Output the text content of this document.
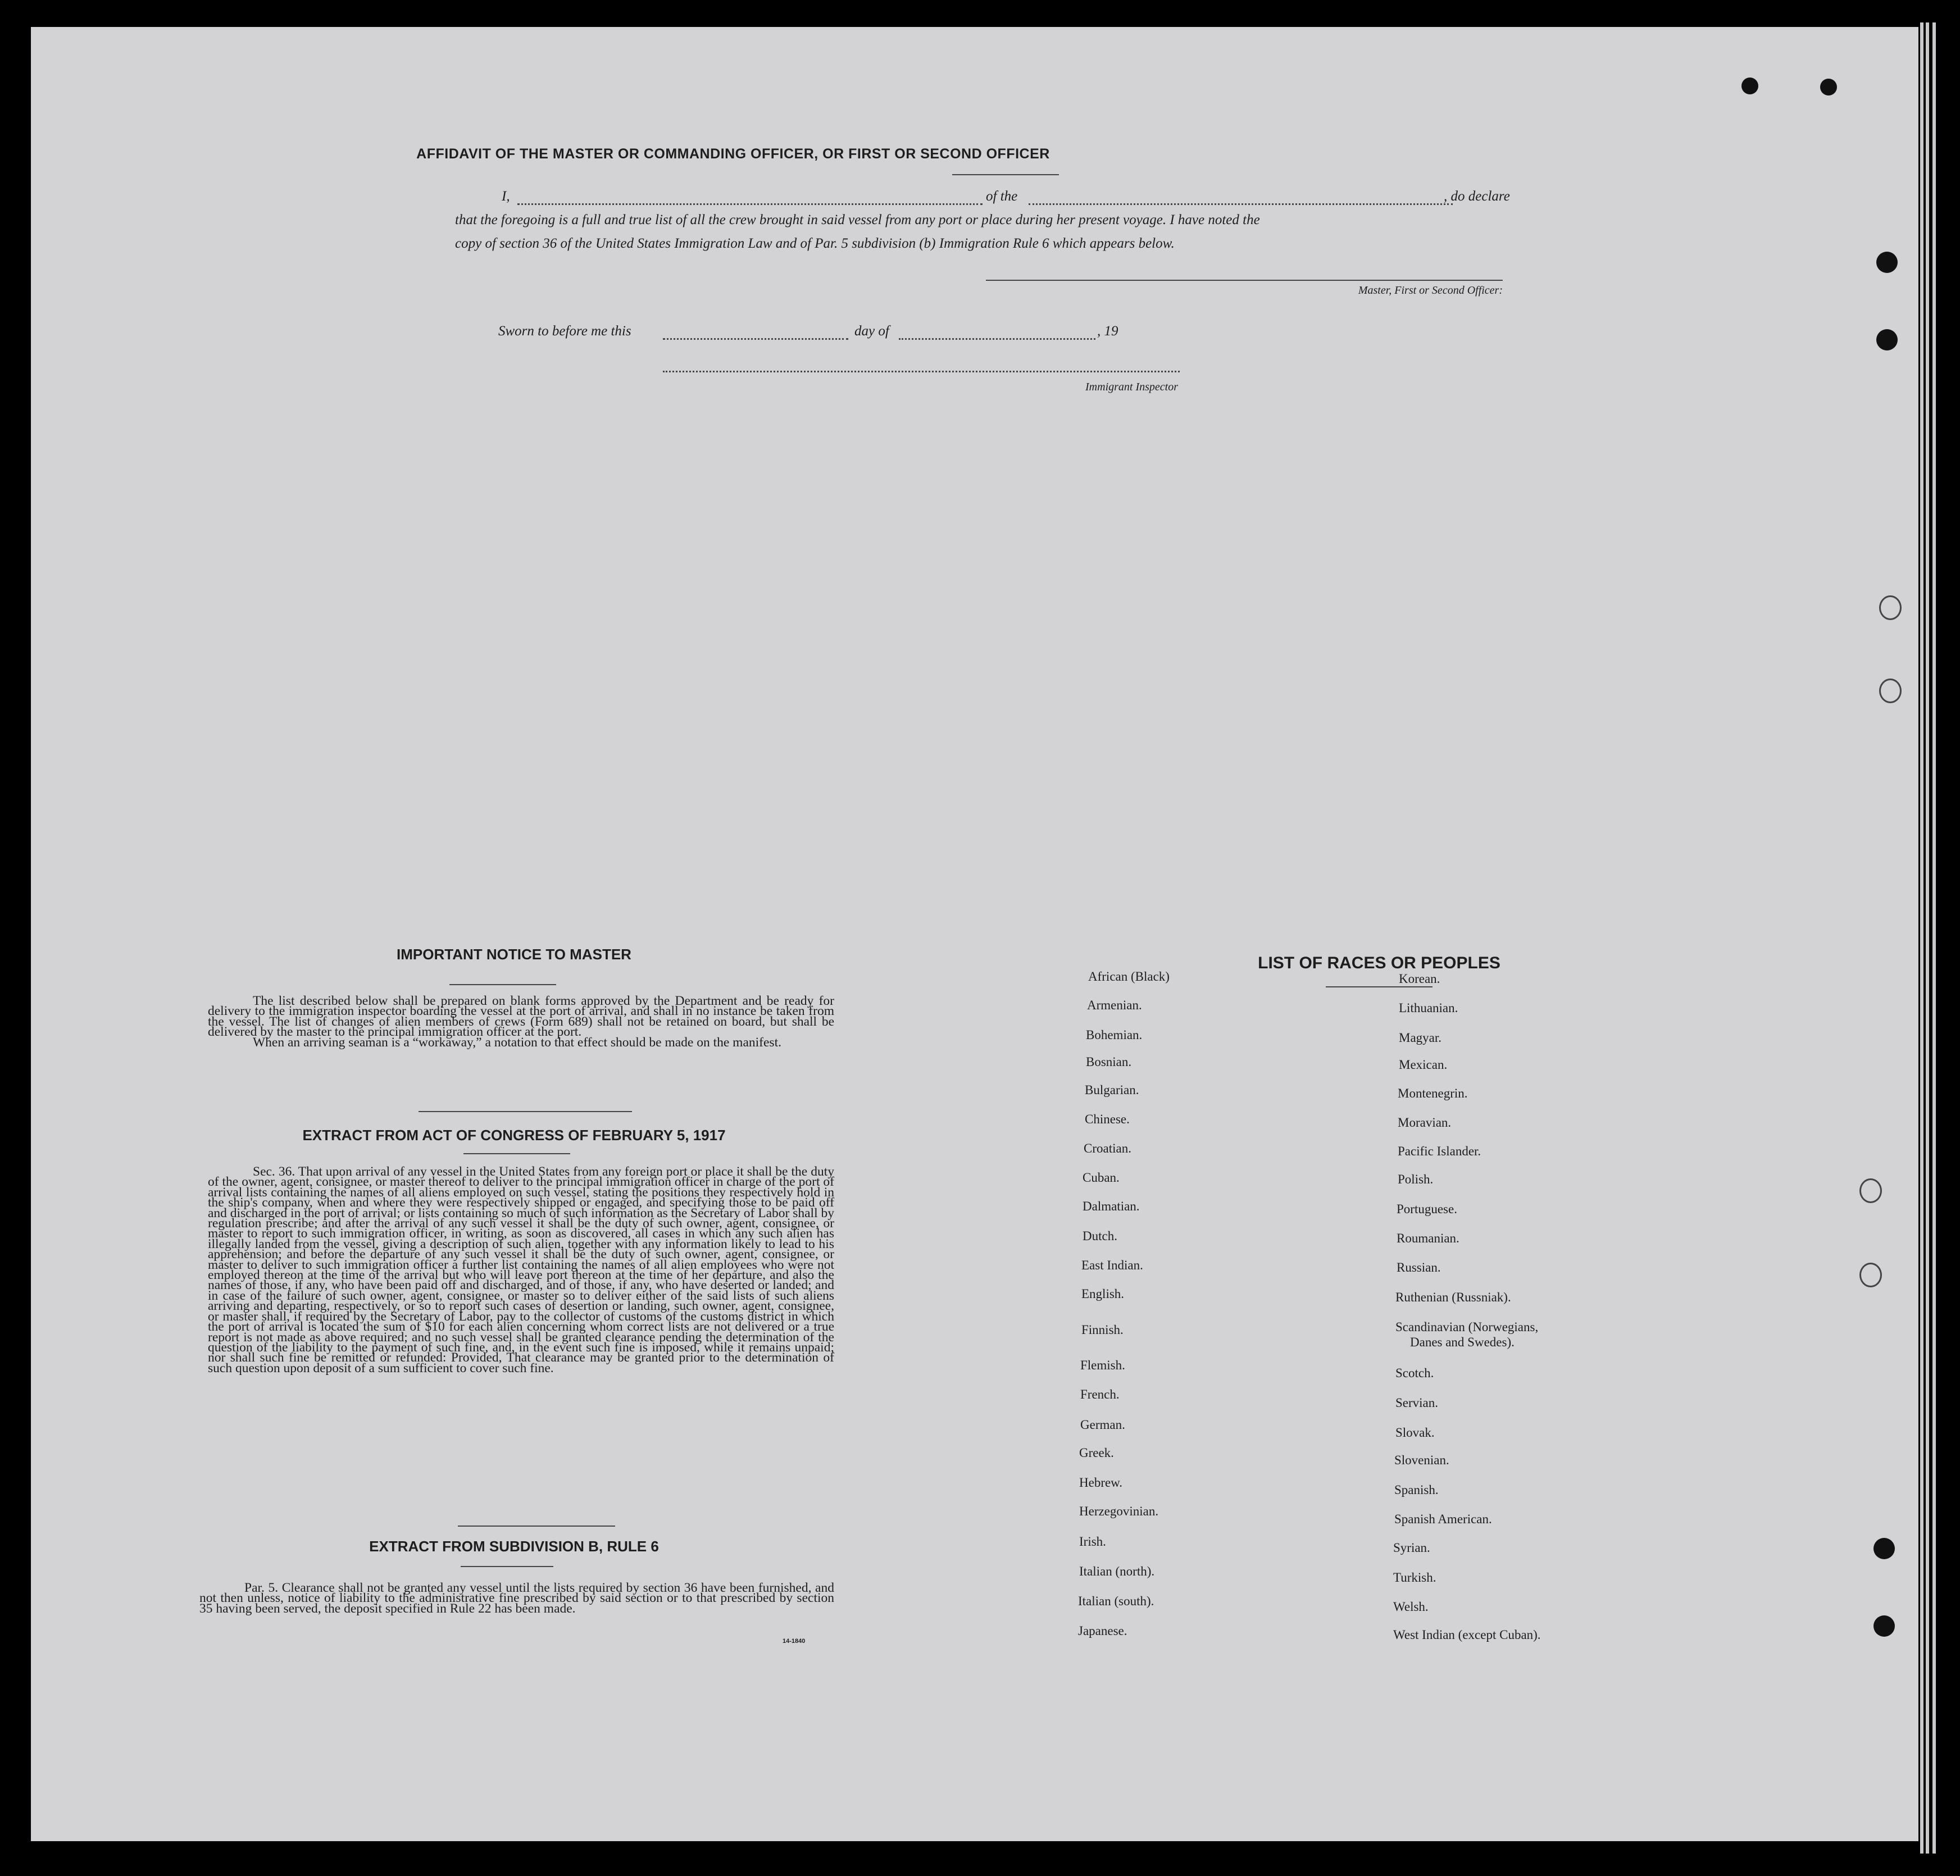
AFFIDAVIT OF THE MASTER OR COMMANDING OFFICER, OR FIRST OR SECOND OFFICER
I,	of the	, do declare
that the foregoing is a full and true list of all the crew brought in said vessel from any port or place during her present voyage. I have noted the
copy of section 36 of the United States Immigration Law and of Par. 5 subdivision (b) Immigration Rule 6 which appears below.
Master, First or Second Officer:
Sworn to before me this	day of	, 19
Immigrant Inspector
IMPORTANT NOTICE TO MASTER

The list described below shall be prepared on blank forms approved by the Department and be ready for delivery to the immigration inspector boarding the vessel at the port of arrival, and shall in no instance be taken from the vessel. The list of changes of alien members of crews (Form 689) shall not be retained on board, but shall be delivered by the master to the principal immigration officer at the port.

When an arriving seaman is a “workaway,” a notation to that effect should be made on the manifest.

EXTRACT FROM ACT OF CONGRESS OF FEBRUARY 5, 1917

Sec. 36. That upon arrival of any vessel in the United States from any foreign port or place it shall be the duty of the owner, agent, consignee, or master thereof to deliver to the principal immigration officer in charge of the port of arrival lists containing the names of all aliens employed on such vessel, stating the positions they respectively hold in the ship's company, when and where they were respectively shipped or engaged, and specifying those to be paid off and discharged in the port of arrival; or lists containing so much of such information as the Secretary of Labor shall by regulation prescribe; and after the arrival of any such vessel it shall be the duty of such owner, agent, consignee, or master to report to such immigration officer, in writing, as soon as discovered, all cases in which any such alien has illegally landed from the vessel, giving a description of such alien, together with any information likely to lead to his apprehension; and before the departure of any such vessel it shall be the duty of such owner, agent, consignee, or master to deliver to such immigration officer a further list containing the names of all alien employees who were not employed thereon at the time of the arrival but who will leave port thereon at the time of her departure, and also the names of those, if any, who have been paid off and discharged, and of those, if any, who have deserted or landed; and in case of the failure of such owner, agent, consignee, or master so to deliver either of the said lists of such aliens arriving and departing, respectively, or so to report such cases of desertion or landing, such owner, agent, consignee, or master shall, if required by the Secretary of Labor, pay to the collector of customs of the customs district in which the port of arrival is located the sum of $10 for each alien concerning whom correct lists are not delivered or a true report is not made as above required; and no such vessel shall be granted clearance pending the determination of the question of the liability to the payment of such fine, and, in the event such fine is imposed, while it remains unpaid; nor shall such fine be remitted or refunded: Provided, That clearance may be granted prior to the determination of such question upon deposit of a sum sufficient to cover such fine.

EXTRACT FROM SUBDIVISION B, RULE 6

Par. 5. Clearance shall not be granted any vessel until the lists required by section 36 have been furnished, and not then unless, notice of liability to the administrative fine prescribed by said section or to that prescribed by section 35 having been served, the deposit specified in Rule 22 has been made.

14-1840
LIST OF RACES OR PEOPLES
African (Black)
Armenian.
Bohemian.
Bosnian.
Bulgarian.
Chinese.
Croatian.
Cuban.
Dalmatian.
Dutch.
East Indian.
English.
Finnish.
Flemish.
French.
German.
Greek.
Hebrew.
Herzegovinian.
Irish.
Italian (north).
Italian (south).
Japanese.
Korean.
Lithuanian.
Magyar.
Mexican.
Montenegrin.
Moravian.
Pacific Islander.
Polish.
Portuguese.
Roumanian.
Russian.
Ruthenian (Russniak).
Scandinavian (Norwegians,
Danes and Swedes).
Scotch.
Servian.
Slovak.
Slovenian.
Spanish.
Spanish American.
Syrian.
Turkish.
Welsh.
West Indian (except Cuban).
